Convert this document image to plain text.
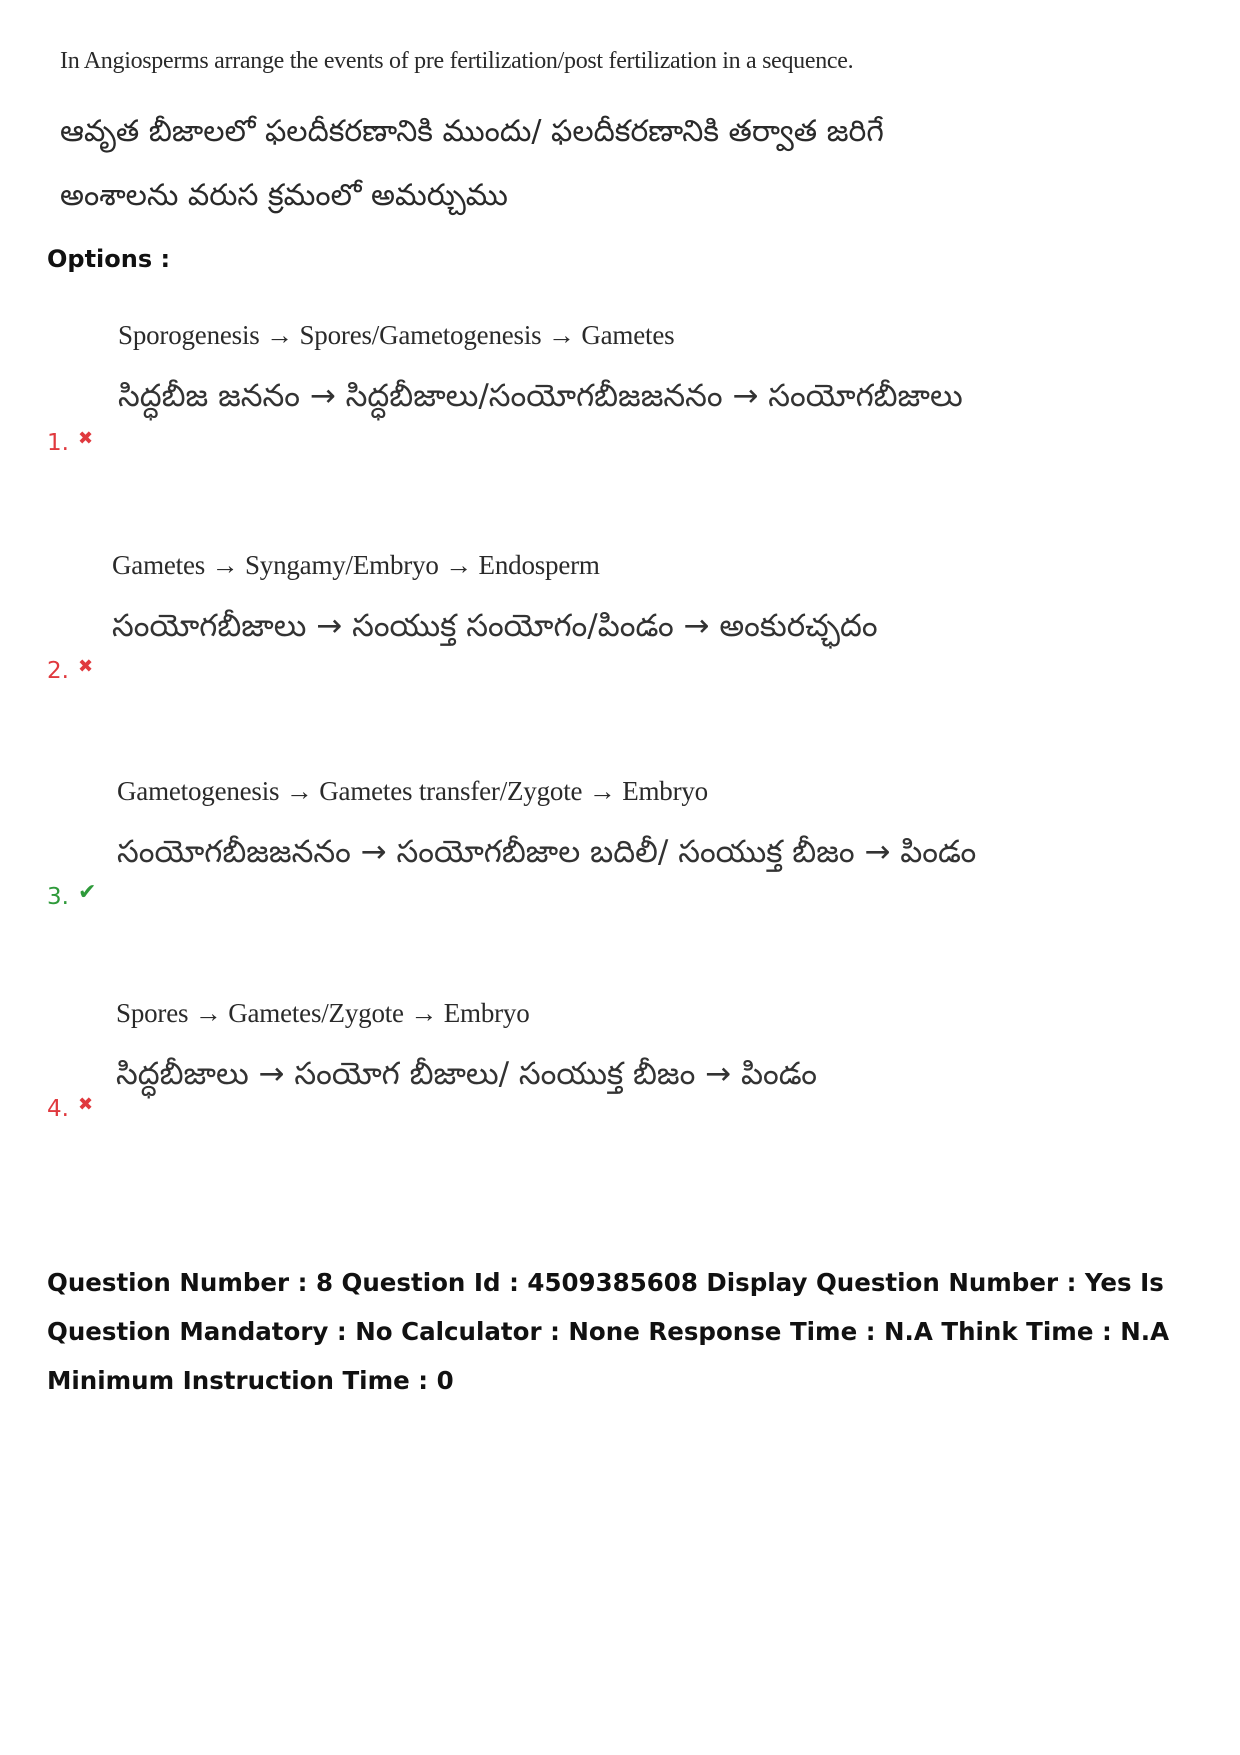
In Angiosperms arrange the events of pre fertilization/post fertilization in a sequence.
ఆవృత బీజాలలో ఫలదీకరణానికి ముందు/ ఫలదీకరణానికి తర్వాత జరిగే అంశాలను వరుస క్రమంలో అమర్చుము
Options :
Sporogenesis → Spores/Gametogenesis → Gametes
సిద్ధబీజ జననం → సిద్ధబీజాలు/సంయోగబీజజననం → సంయోగబీజాలు
1. ✖
Gametes → Syngamy/Embryo → Endosperm
సంయోగబీజాలు → సంయుక్త సంయోగం/పిండం → అంకురచ్ఛదం
2. ✖
Gametogenesis → Gametes transfer/Zygote → Embryo
సంయోగబీజజననం → సంయోగబీజాల బదిలీ/ సంయుక్త బీజం → పిండం
3. ✔
Spores → Gametes/Zygote → Embryo
సిద్ధబీజాలు → సంయోగ బీజాలు/ సంయుక్త బీజం → పిండం
4. ✖
Question Number : 8 Question Id : 4509385608 Display Question Number : Yes Is Question Mandatory : No Calculator : None Response Time : N.A Think Time : N.A Minimum Instruction Time : 0
